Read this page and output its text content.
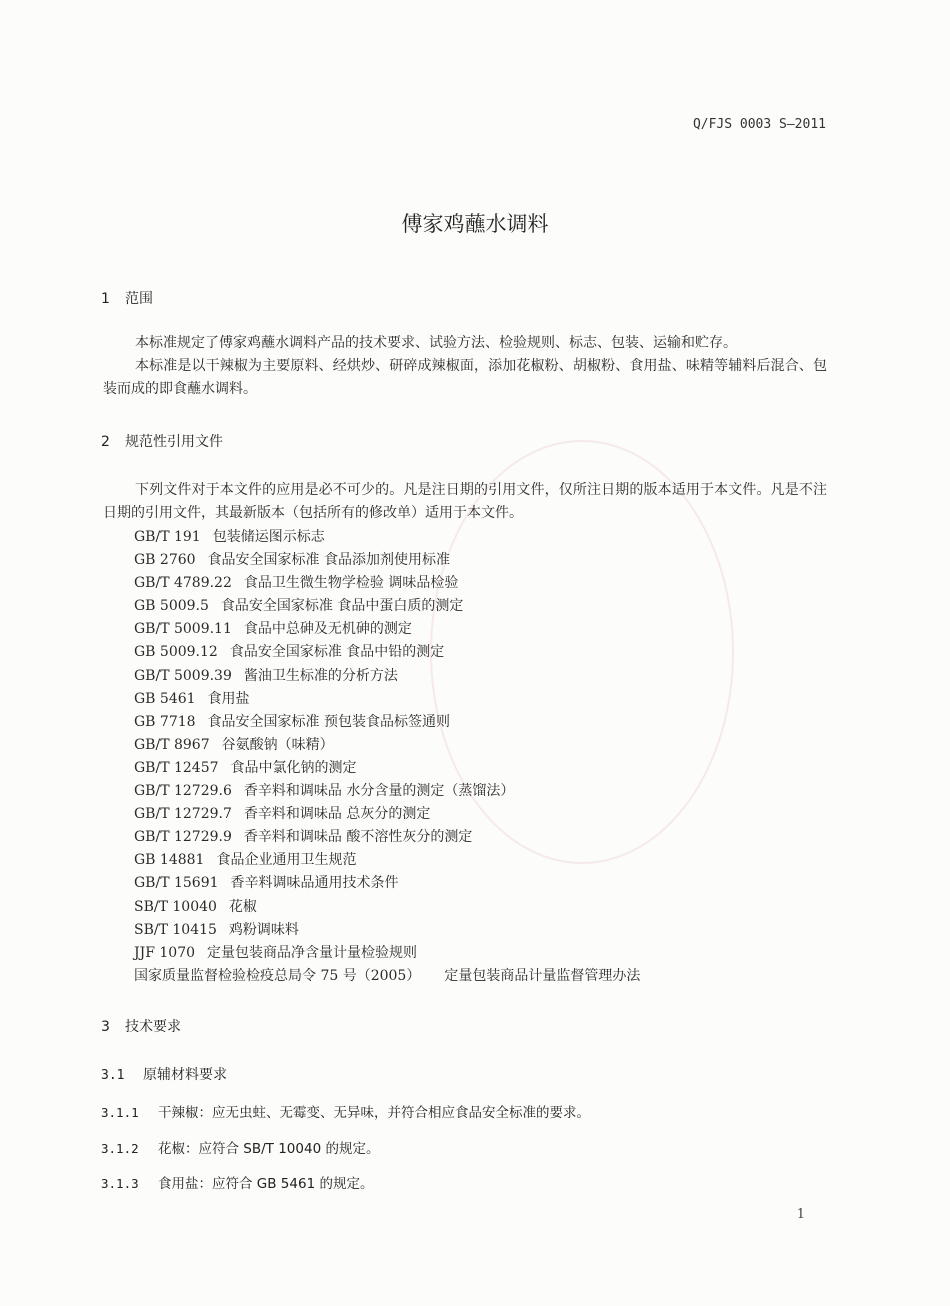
Q/FJS 0003 S—2011
傅家鸡蘸水调料
1 范围

本标准规定了傅家鸡蘸水调料产品的技术要求、试验方法、检验规则、标志、包装、运输和贮存。

本标准是以干辣椒为主要原料、经烘炒、研碎成辣椒面，添加花椒粉、胡椒粉、食用盐、味精等辅料后混合、包装而成的即食蘸水调料。

2 规范性引用文件

下列文件对于本文件的应用是必不可少的。凡是注日期的引用文件，仅所注日期的版本适用于本文件。凡是不注日期的引用文件，其最新版本（包括所有的修改单）适用于本文件。

GB/T 191 包装储运图示标志
GB 2760 食品安全国家标准 食品添加剂使用标准
GB/T 4789.22 食品卫生微生物学检验 调味品检验
GB 5009.5 食品安全国家标准 食品中蛋白质的测定
GB/T 5009.11 食品中总砷及无机砷的测定
GB 5009.12 食品安全国家标准 食品中铅的测定
GB/T 5009.39 酱油卫生标准的分析方法
GB 5461 食用盐
GB 7718 食品安全国家标准 预包装食品标签通则
GB/T 8967 谷氨酸钠（味精）
GB/T 12457 食品中氯化钠的测定
GB/T 12729.6 香辛料和调味品 水分含量的测定（蒸馏法）
GB/T 12729.7 香辛料和调味品 总灰分的测定
GB/T 12729.9 香辛料和调味品 酸不溶性灰分的测定
GB 14881 食品企业通用卫生规范
GB/T 15691 香辛料调味品通用技术条件
SB/T 10040 花椒
SB/T 10415 鸡粉调味料
JJF 1070 定量包装商品净含量计量检验规则
国家质量监督检验检疫总局令 75 号（2005） 定量包装商品计量监督管理办法
3 技术要求
3.1 原辅材料要求
3.1.1 干辣椒：应无虫蛀、无霉变、无异味，并符合相应食品安全标准的要求。
3.1.2 花椒：应符合 SB/T 10040 的规定。
3.1.3 食用盐：应符合 GB 5461 的规定。
1
